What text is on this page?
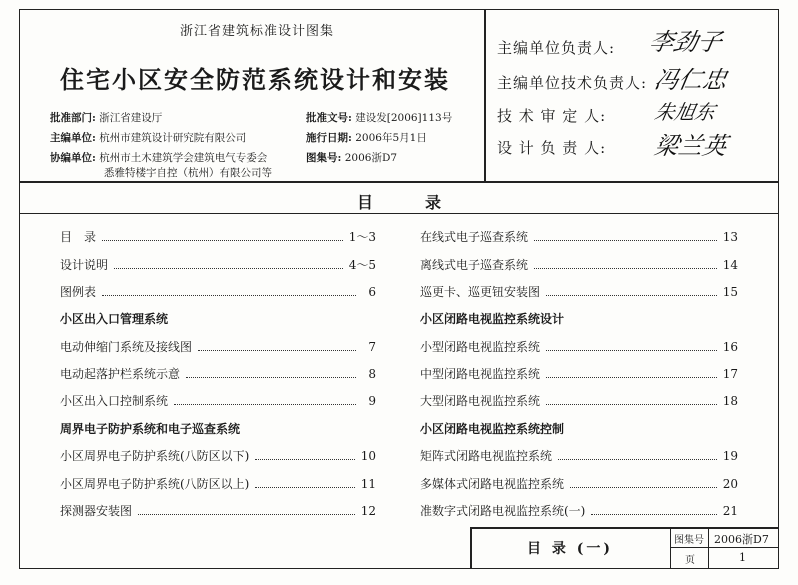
浙江省建筑标准设计图集
住宅小区安全防范系统设计和安装
批准部门: 浙江省建设厅
主编单位: 杭州市建筑设计研究院有限公司
协编单位: 杭州市土木建筑学会建筑电气专委会
悉雅特楼宇自控（杭州）有限公司等
批准文号: 建设发[2006]113号
施行日期: 2006年5月1日
图集号: 2006浙D7
主编单位负责人: 李劲子
主编单位技术负责人: 冯仁忠
技 术 审 定 人: 朱旭东
设 计 负 责 人: 梁兰英
目	录
目　录	1～3
设计说明	4～5
图例表	6
小区出入口管理系统
电动伸缩门系统及接线图	7
电动起落护栏系统示意	8
小区出入口控制系统	9
周界电子防护系统和电子巡查系统
小区周界电子防护系统(八防区以下)	10
小区周界电子防护系统(八防区以上)	11
探测器安装图	12
在线式电子巡查系统	13
离线式电子巡查系统	14
巡更卡、巡更钮安装图	15
小区闭路电视监控系统设计
小型闭路电视监控系统	16
中型闭路电视监控系统	17
大型闭路电视监控系统	18
小区闭路电视监控系统控制
矩阵式闭路电视监控系统	19
多媒体式闭路电视监控系统	20
准数字式闭路电视监控系统(一)	21
目 录 (一)
图集号 2006浙D7
页	1
